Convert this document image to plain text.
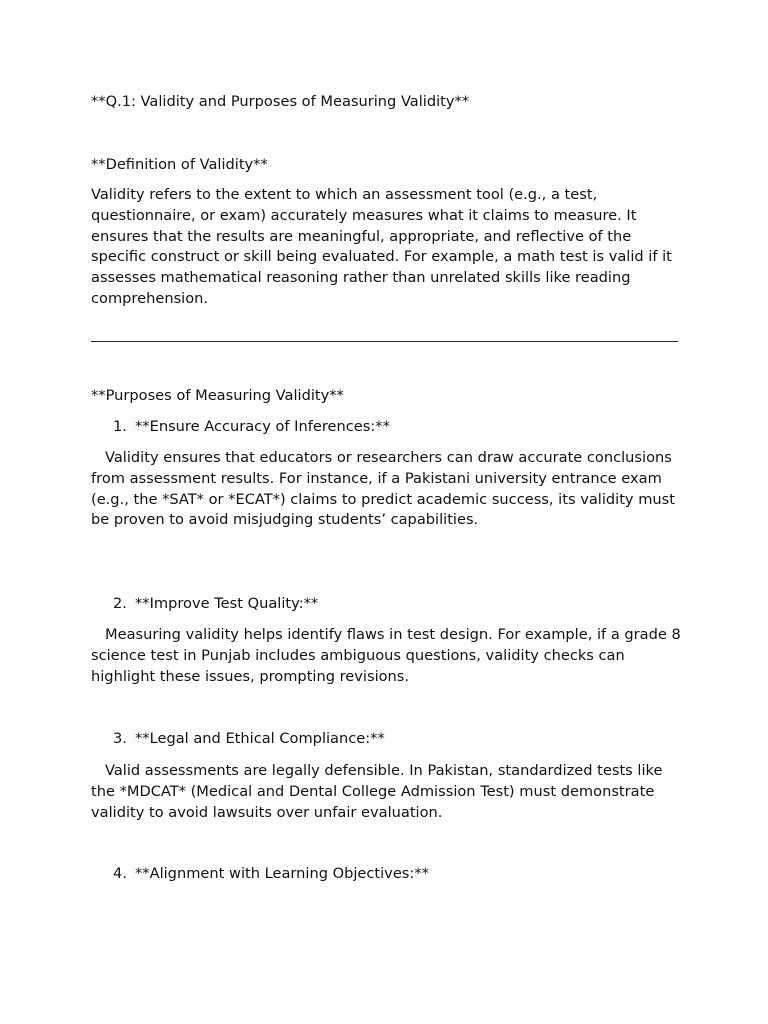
**Q.1: Validity and Purposes of Measuring Validity**
**Definition of Validity**

Validity refers to the extent to which an assessment tool (e.g., a test, questionnaire, or exam) accurately measures what it claims to measure. It ensures that the results are meaningful, appropriate, and reflective of the specific construct or skill being evaluated. For example, a math test is valid if it assesses mathematical reasoning rather than unrelated skills like reading comprehension.

**Purposes of Measuring Validity**
1. **Ensure Accuracy of Inferences:**

Validity ensures that educators or researchers can draw accurate conclusions from assessment results. For instance, if a Pakistani university entrance exam (e.g., the *SAT* or *ECAT*) claims to predict academic success, its validity must be proven to avoid misjudging students’ capabilities.

2. **Improve Test Quality:**

Measuring validity helps identify flaws in test design. For example, if a grade 8 science test in Punjab includes ambiguous questions, validity checks can highlight these issues, prompting revisions.

3. **Legal and Ethical Compliance:**

Valid assessments are legally defensible. In Pakistan, standardized tests like the *MDCAT* (Medical and Dental College Admission Test) must demonstrate validity to avoid lawsuits over unfair evaluation.

4. **Alignment with Learning Objectives:**
